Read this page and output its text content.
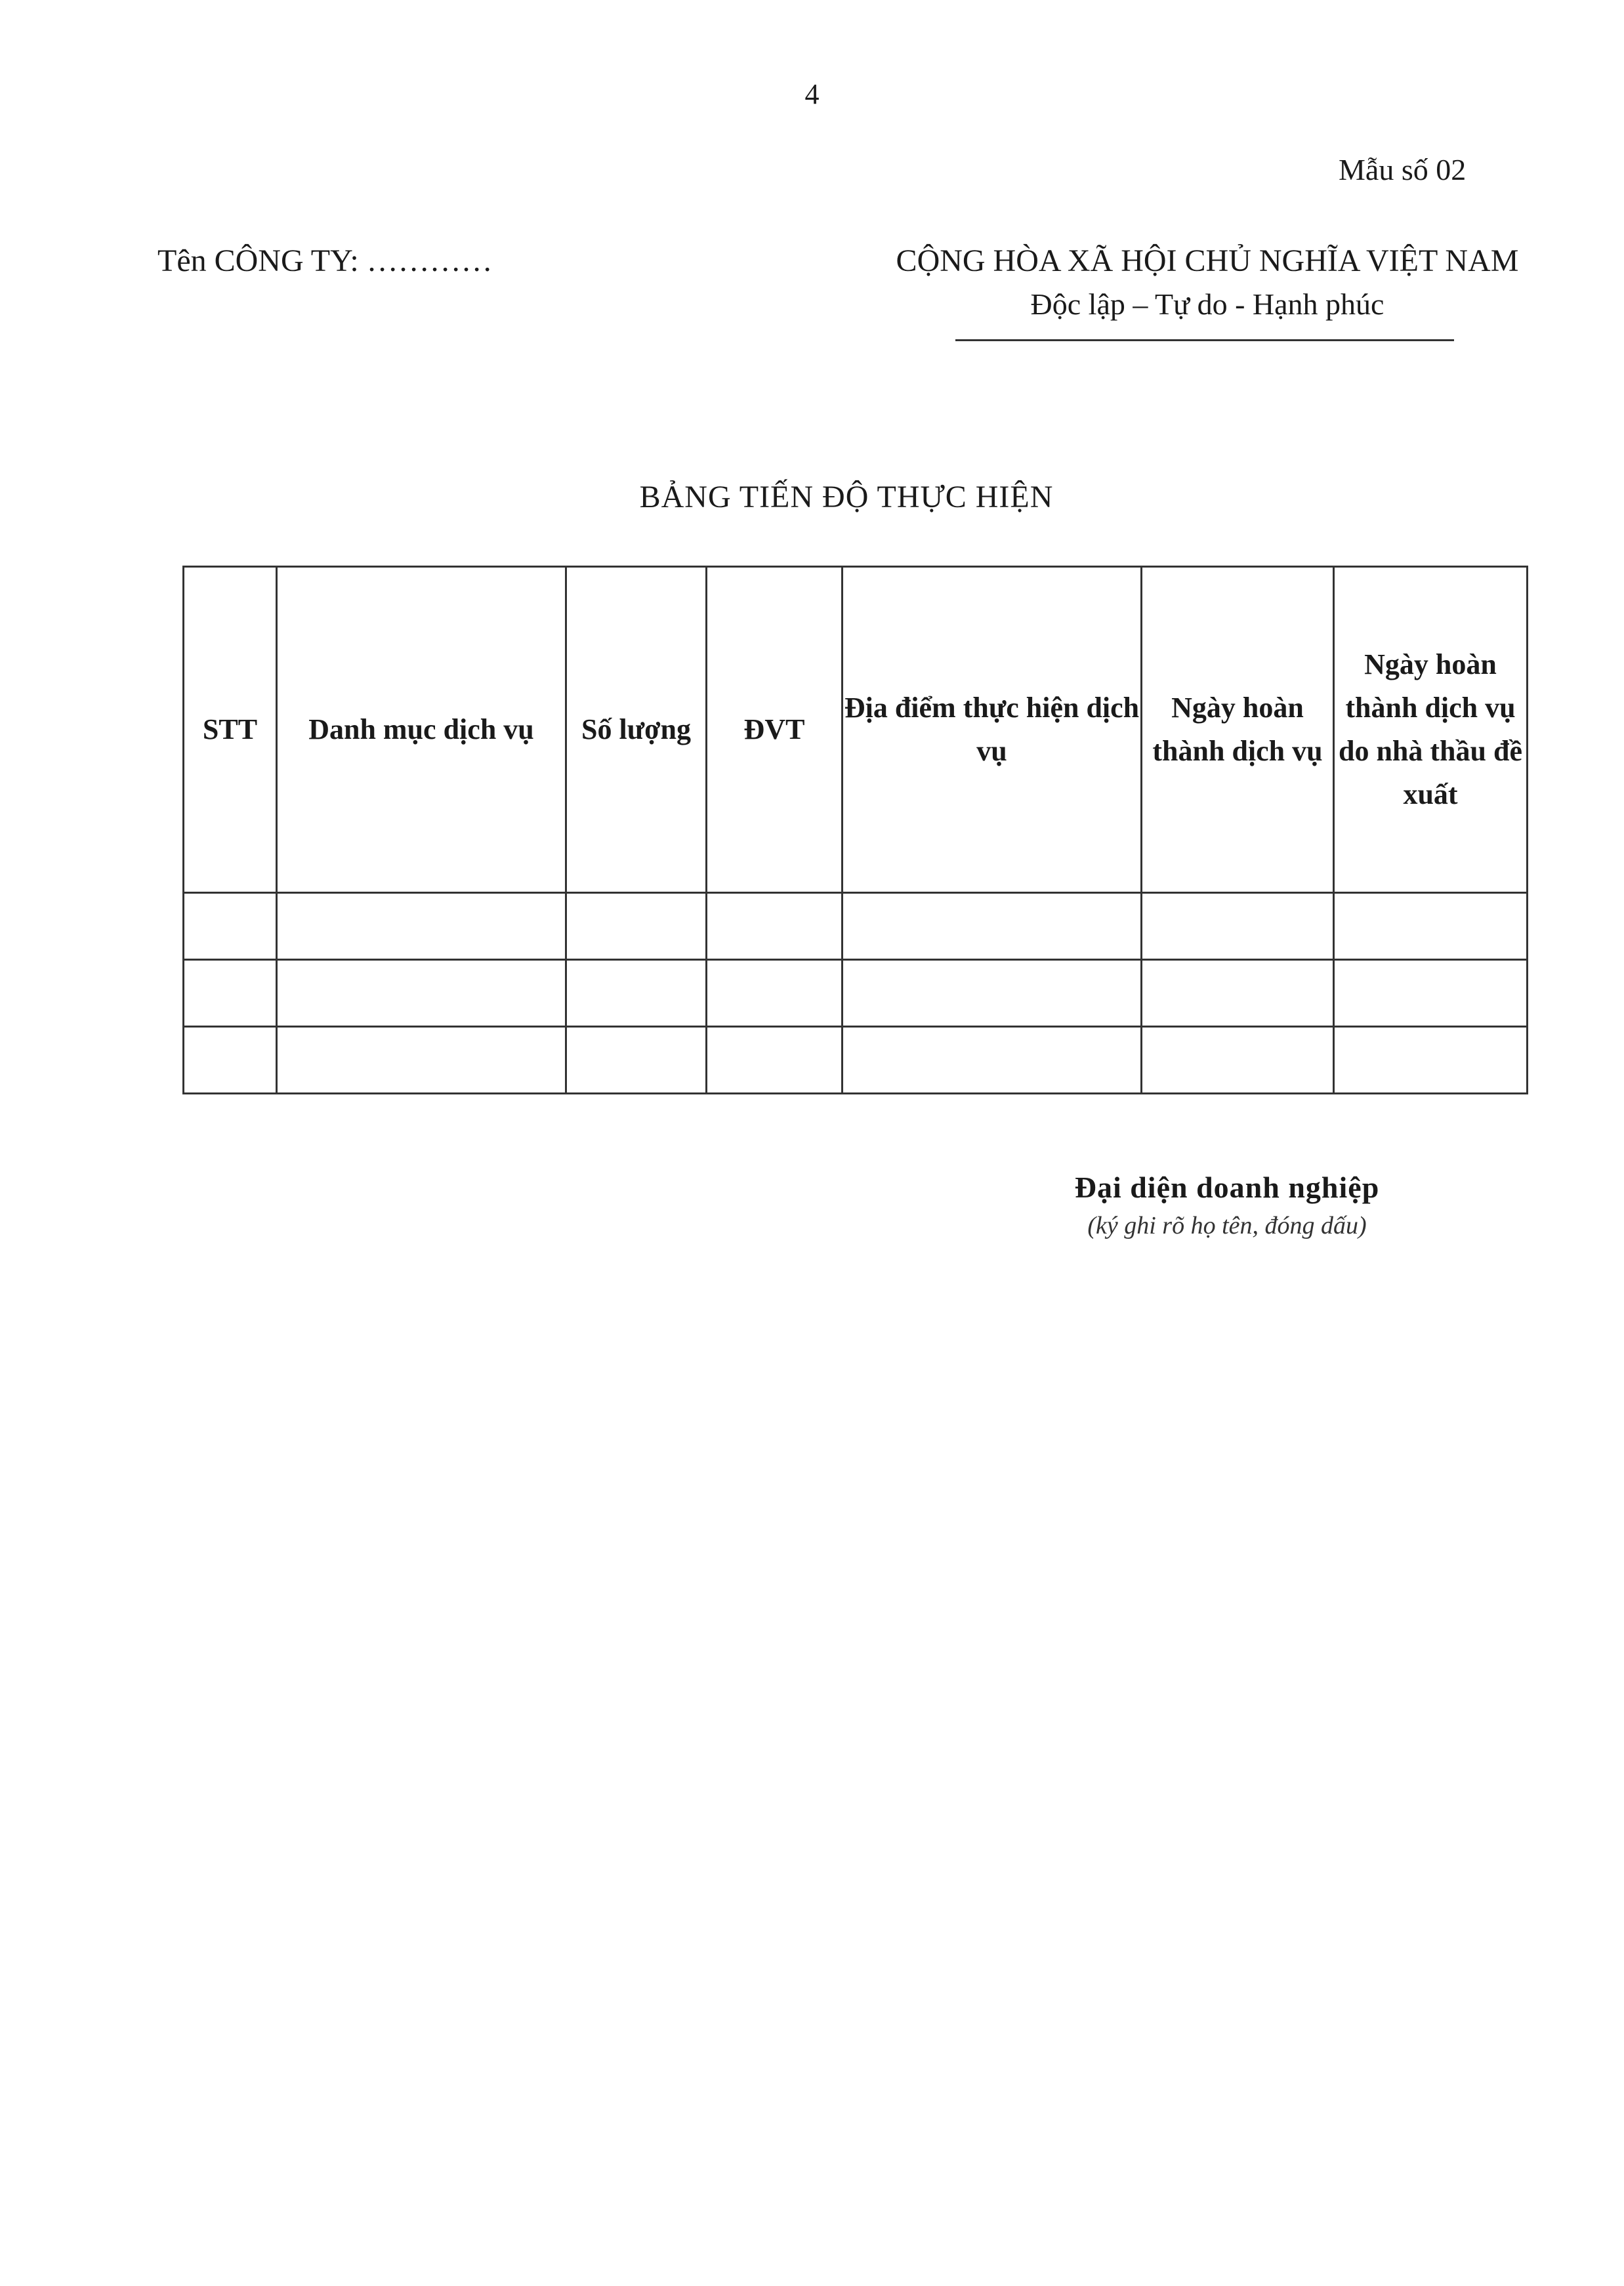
4
Mẫu số 02
Tên CÔNG TY: …………	CỘNG HÒA XÃ HỘI CHỦ NGHĨA VIỆT NAM
Độc lập – Tự do - Hạnh phúc
BẢNG TIẾN ĐỘ THỰC HIỆN
STT	Danh mục dịch vụ	Số lượng	ĐVT	Địa điểm thực hiện dịch vụ	Ngày hoàn thành dịch vụ	Ngày hoàn thành dịch vụ do nhà thầu đề xuất

Đại diện doanh nghiệp
(ký ghi rõ họ tên, đóng dấu)
